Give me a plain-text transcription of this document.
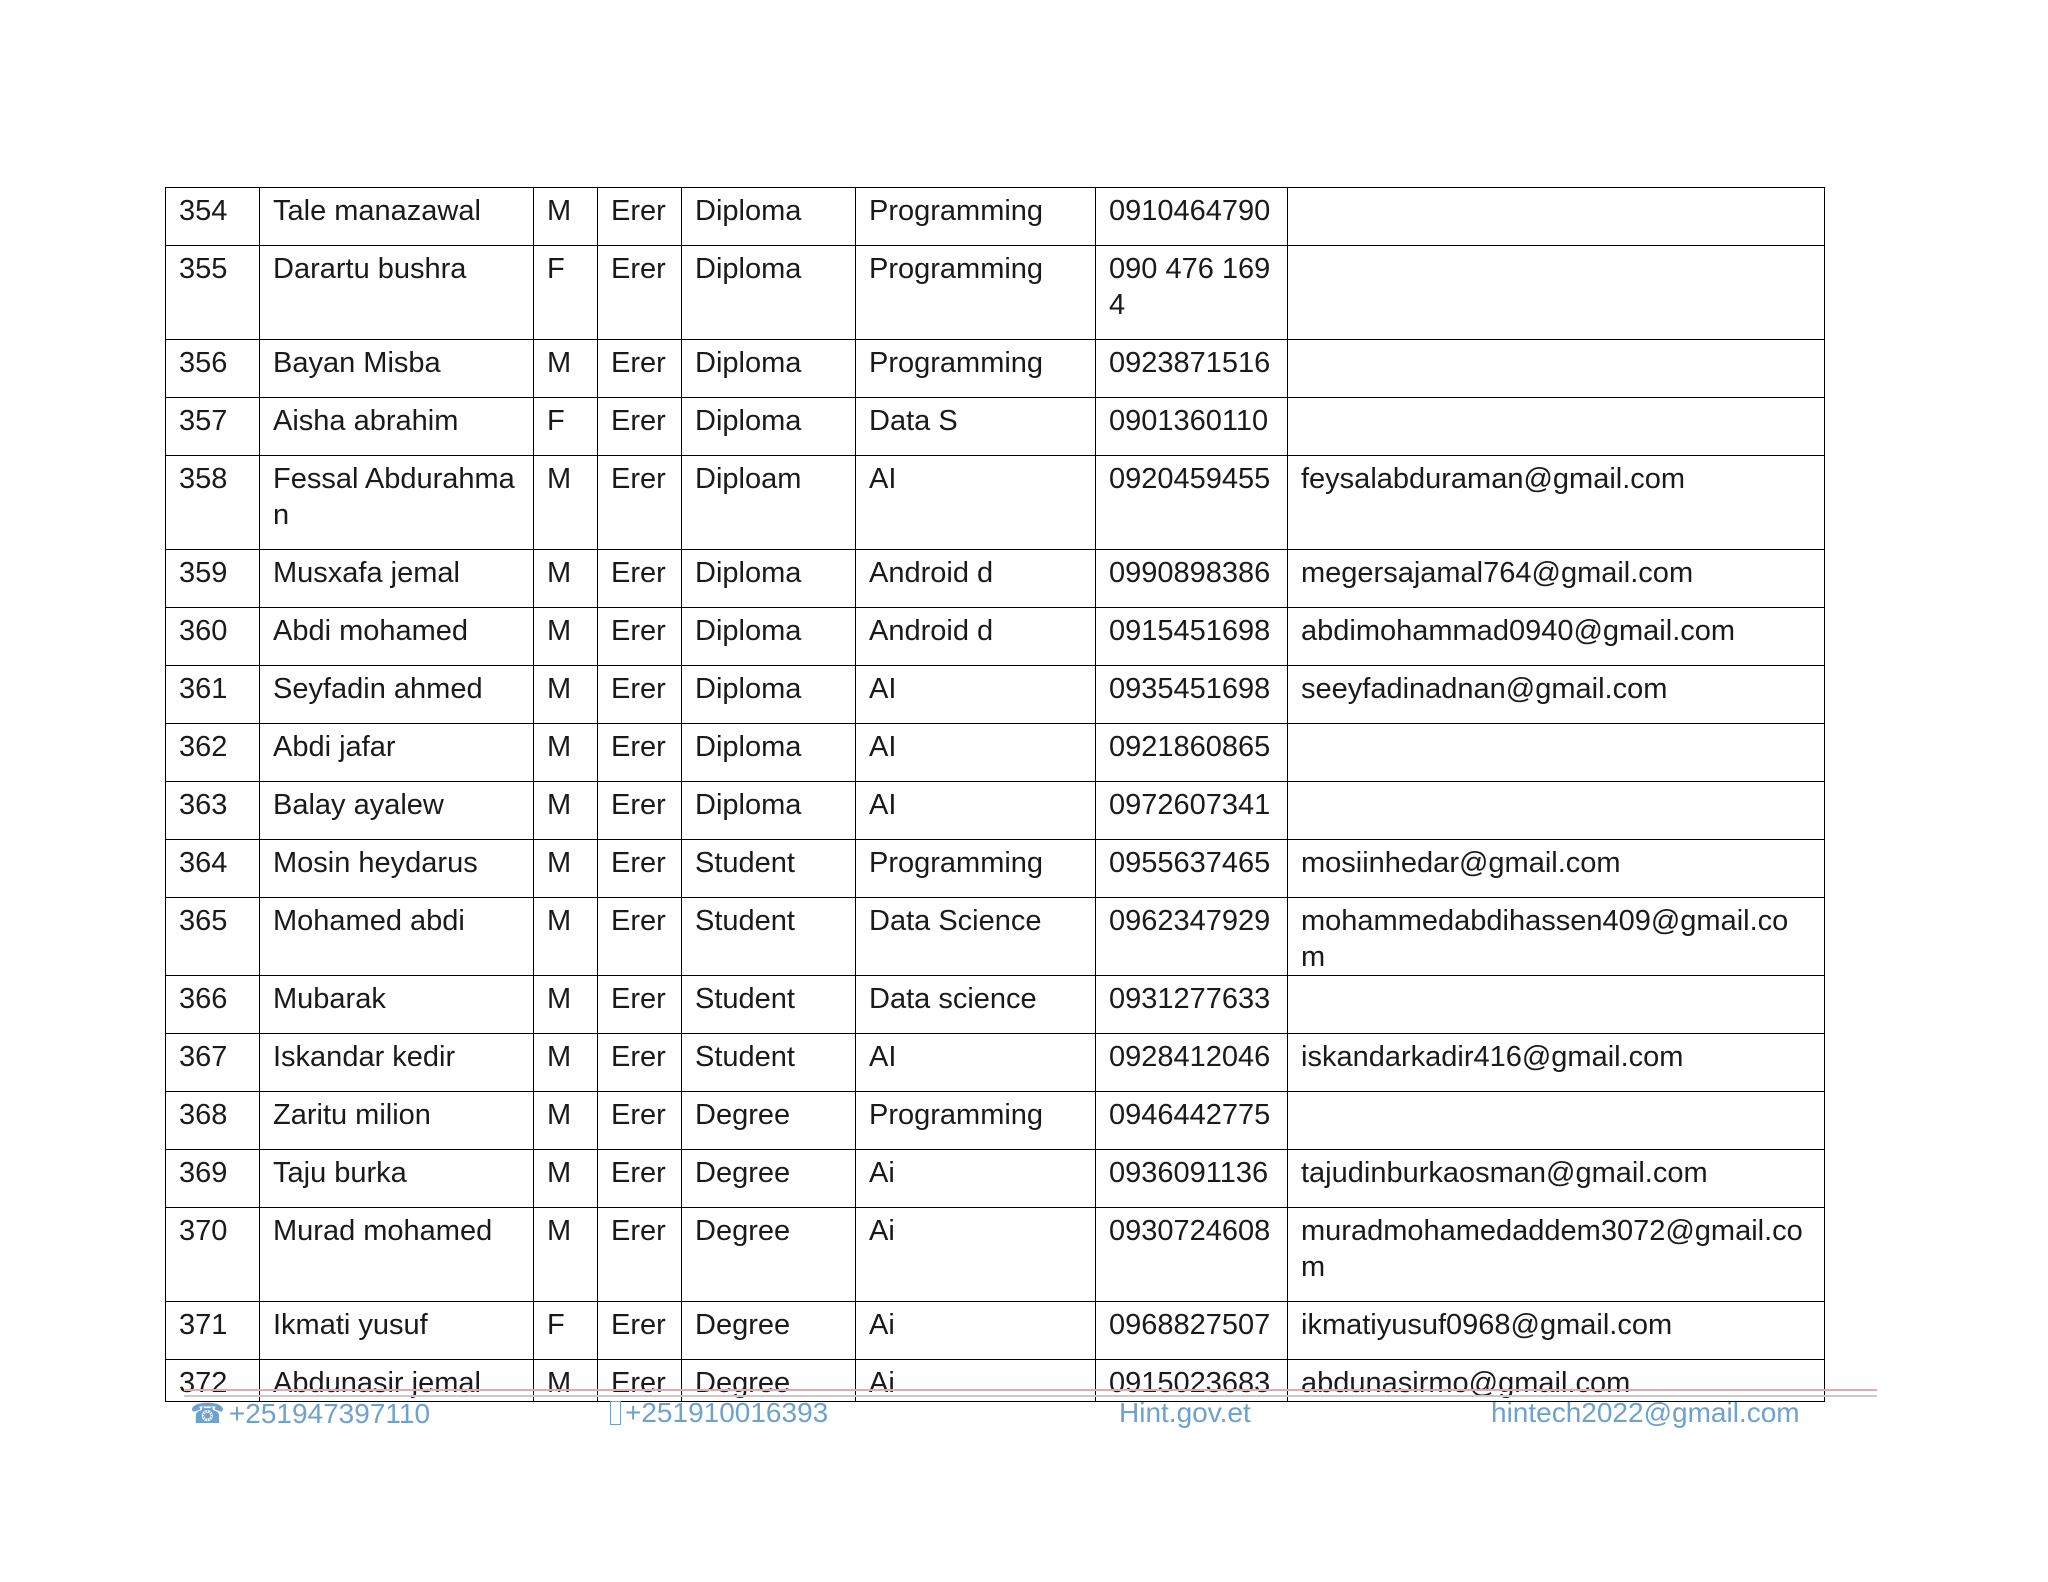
354	Tale manazawal	M	Erer	Diploma	Programming	0910464790	
355	Darartu bushra	F	Erer	Diploma	Programming	090 476 1694	
356	Bayan Misba	M	Erer	Diploma	Programming	0923871516	
357	Aisha abrahim	F	Erer	Diploma	Data S	0901360110	
358	Fessal Abdurahman	M	Erer	Diploam	AI	0920459455	feysalabduraman@gmail.com
359	Musxafa jemal	M	Erer	Diploma	Android d	0990898386	megersajamal764@gmail.com
360	Abdi mohamed	M	Erer	Diploma	Android d	0915451698	abdimohammad0940@gmail.com
361	Seyfadin ahmed	M	Erer	Diploma	AI	0935451698	seeyfadinadnan@gmail.com
362	Abdi jafar	M	Erer	Diploma	AI	0921860865	
363	Balay ayalew	M	Erer	Diploma	AI	0972607341	
364	Mosin heydarus	M	Erer	Student	Programming	0955637465	mosiinhedar@gmail.com
365	Mohamed abdi	M	Erer	Student	Data Science	0962347929	mohammedabdihassen409@gmail.com
366	Mubarak	M	Erer	Student	Data science	0931277633	
367	Iskandar kedir	M	Erer	Student	AI	0928412046	iskandarkadir416@gmail.com
368	Zaritu milion	M	Erer	Degree	Programming	0946442775	
369	Taju burka	M	Erer	Degree	Ai	0936091136	tajudinburkaosman@gmail.com
370	Murad mohamed	M	Erer	Degree	Ai	0930724608	muradmohamedaddem3072@gmail.com
371	Ikmati yusuf	F	Erer	Degree	Ai	0968827507	ikmatiyusuf0968@gmail.com
372	Abdunasir jemal	M	Erer	Degree	Ai	0915023683	abdunasirmo@gmail.com
☎ +251947397110	+251910016393	Hint.gov.et	hintech2022@gmail.com
